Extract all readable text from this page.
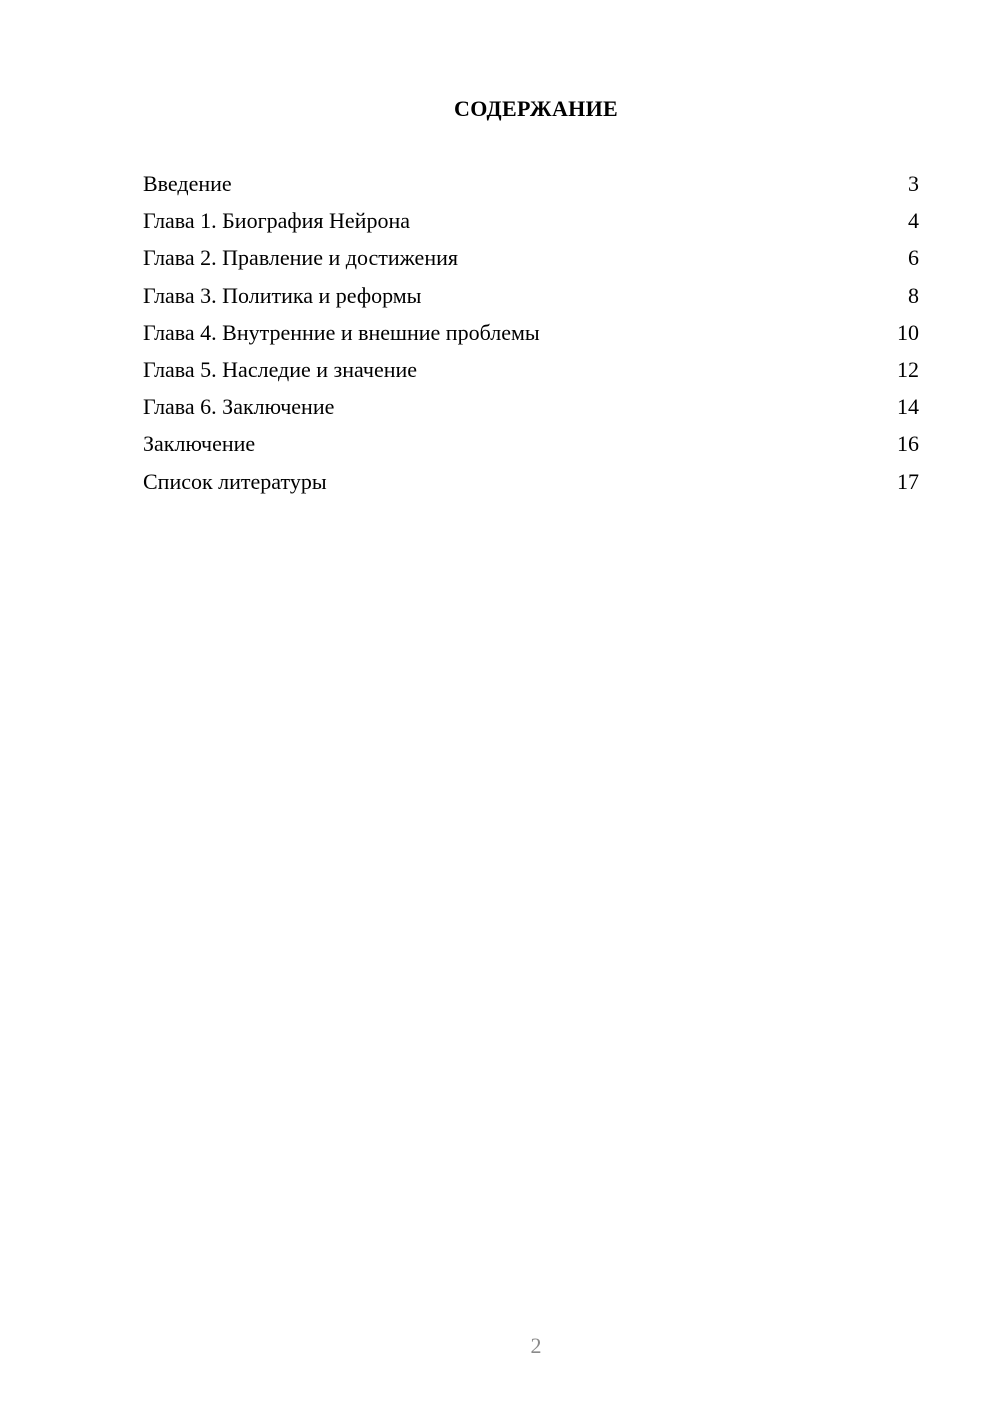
СОДЕРЖАНИЕ
Введение	3
Глава 1. Биография Нейрона	4
Глава 2. Правление и достижения	6
Глава 3. Политика и реформы	8
Глава 4. Внутренние и внешние проблемы	10
Глава 5. Наследие и значение	12
Глава 6. Заключение	14
Заключение	16
Список литературы	17
2
